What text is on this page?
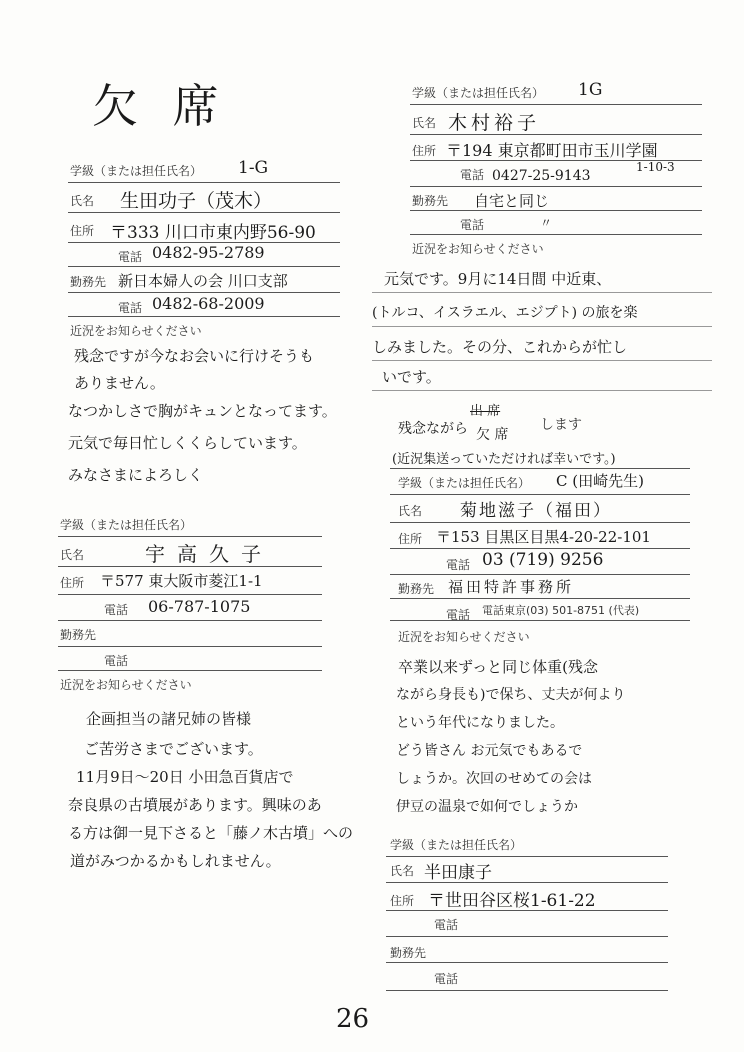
欠 席
学級（または担任氏名） 1-G
氏名 生田功子（茂木）
住所 〒333 川口市東内野56-90
電話 0482-95-2789
勤務先 新日本婦人の会 川口支部
電話 0482-68-2009
近況をお知らせください
残念ですが今なお会いに行けそうも
ありません。
なつかしさで胸がキュンとなってます。
元気で毎日忙しくくらしています。
みなさまによろしく
学級（または担任氏名）
氏名	宇高久子
住所 〒577 東大阪市菱江1-1
電話 06-787-1075
勤務先
電話
近況をお知らせください
企画担当の諸兄姉の皆様
ご苦労さまでございます。
11月9日〜20日 小田急百貨店で
奈良県の古墳展があります。興味のあ
る方は御一見下さると「藤ノ木古墳」への
道がみつかるかもしれません。
学級（または担任氏名） 1G
氏名 木村裕子
住所 〒194 東京都町田市玉川学園
1-10-3
電話 0427-25-9143
勤務先 自宅と同じ
電話	〃
近況をお知らせください
元気です。9月に14日間 中近東、
(トルコ、イスラエル、エジプト) の旅を楽
しみました。その分、これからが忙し
いです。
出 席
残念ながら 欠 席
します
(近況集送っていただければ幸いです。)
学級（または担任氏名） C (田崎先生)
氏名 菊地滋子（福田）
住所 〒153 目黒区目黒4-20-22-101
電話 03 (719) 9256
勤務先 福田特許事務所
電話 電話東京(03) 501-8751 (代表)
近況をお知らせください
卒業以来ずっと同じ体重(残念
ながら身長も)で保ち、丈夫が何より
という年代になりました。
どう皆さん お元気でもあるで
しょうか。次回のせめての会は
伊豆の温泉で如何でしょうか
学級（または担任氏名）
氏名 半田康子
住所 〒世田谷区桜1-61-22
電話
勤務先
電話
26
